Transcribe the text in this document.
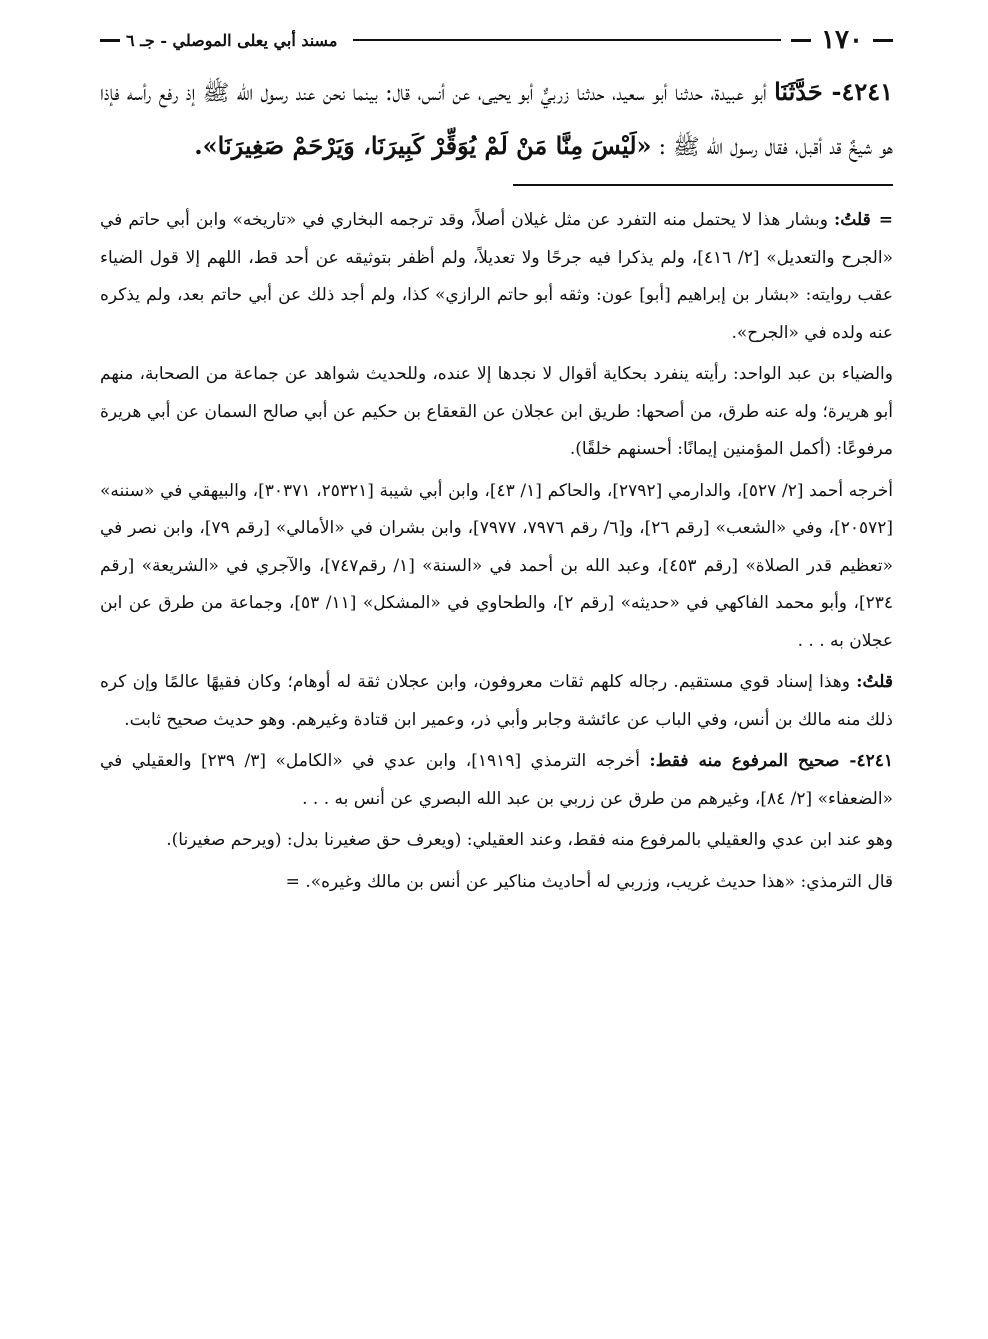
١٧٠
مسند أبي يعلى الموصلي - جـ ٦
٤٢٤١- حَدَّثَنَا أبو عبيدة، حدثنا أبو سعيد، حدثنا زربيٌّ أبو يحيى، عن أنس، قال: بينما نحن عند رسول الله ﷺ إذ رفع رأسه فإذا هو شيخٌ قد أقبل، فقال رسول الله ﷺ : «لَيْسَ مِنَّا مَنْ لَمْ يُوَقِّرْ كَبِيرَنَا، وَيَرْحَمْ صَغِيرَنَا».

=قلتُ: وبشار هذا لا يحتمل منه التفرد عن مثل غيلان أصلاً، وقد ترجمه البخاري في «تاريخه» وابن أبي حاتم في «الجرح والتعديل» [٢/ ٤١٦]، ولم يذكرا فيه جرحًا ولا تعديلاً، ولم أظفر بتوثيقه عن أحد قط، اللهم إلا قول الضياء عقب روايته: «بشار بن إبراهيم [أبو] عون: وثقه أبو حاتم الرازي» كذا، ولم أجد ذلك عن أبي حاتم بعد، ولم يذكره عنه ولده في «الجرح».

والضياء بن عبد الواحد: رأيته ينفرد بحكاية أقوال لا نجدها إلا عنده، وللحديث شواهد عن جماعة من الصحابة، منهم أبو هريرة؛ وله عنه طرق، من أصحها: طريق ابن عجلان عن القعقاع بن حكيم عن أبي صالح السمان عن أبي هريرة مرفوعًا: (أكمل المؤمنين إيمانًا: أحسنهم خلقًا).

أخرجه أحمد [٢/ ٥٢٧]، والدارمي [٢٧٩٢]، والحاكم [١/ ٤٣]، وابن أبي شيبة [٢٥٣٢١، ٣٠٣٧١]، والبيهقي في «سننه» [٢٠٥٧٢]، وفي «الشعب» [رقم ٢٦]، و[٦/ رقم ٧٩٧٦، ٧٩٧٧]، وابن بشران في «الأمالي» [رقم ٧٩]، وابن نصر في «تعظيم قدر الصلاة» [رقم ٤٥٣]، وعبد الله بن أحمد في «السنة» [١/ رقم٧٤٧]، والآجري في «الشريعة» [رقم ٢٣٤]، وأبو محمد الفاكهي في «حديثه» [رقم ٢]، والطحاوي في «المشكل» [١١/ ٥٣]، وجماعة من طرق عن ابن عجلان به . . .

قلتُ: وهذا إسناد قوي مستقيم. رجاله كلهم ثقات معروفون، وابن عجلان ثقة له أوهام؛ وكان فقيهًا عالمًا وإن كره ذلك منه مالك بن أنس، وفي الباب عن عائشة وجابر وأبي ذر، وعمير ابن قتادة وغيرهم. وهو حديث صحيح ثابت.

٤٢٤١- صحيح المرفوع منه فقط: أخرجه الترمذي [١٩١٩]، وابن عدي في «الكامل» [٣/ ٢٣٩] والعقيلي في «الضعفاء» [٢/ ٨٤]، وغيرهم من طرق عن زربي بن عبد الله البصري عن أنس به . . .

وهو عند ابن عدي والعقيلي بالمرفوع منه فقط، وعند العقيلي: (ويعرف حق صغيرنا بدل: (ويرحم صغيرنا).

قال الترمذي: «هذا حديث غريب، وزربي له أحاديث مناكير عن أنس بن مالك وغيره». =
